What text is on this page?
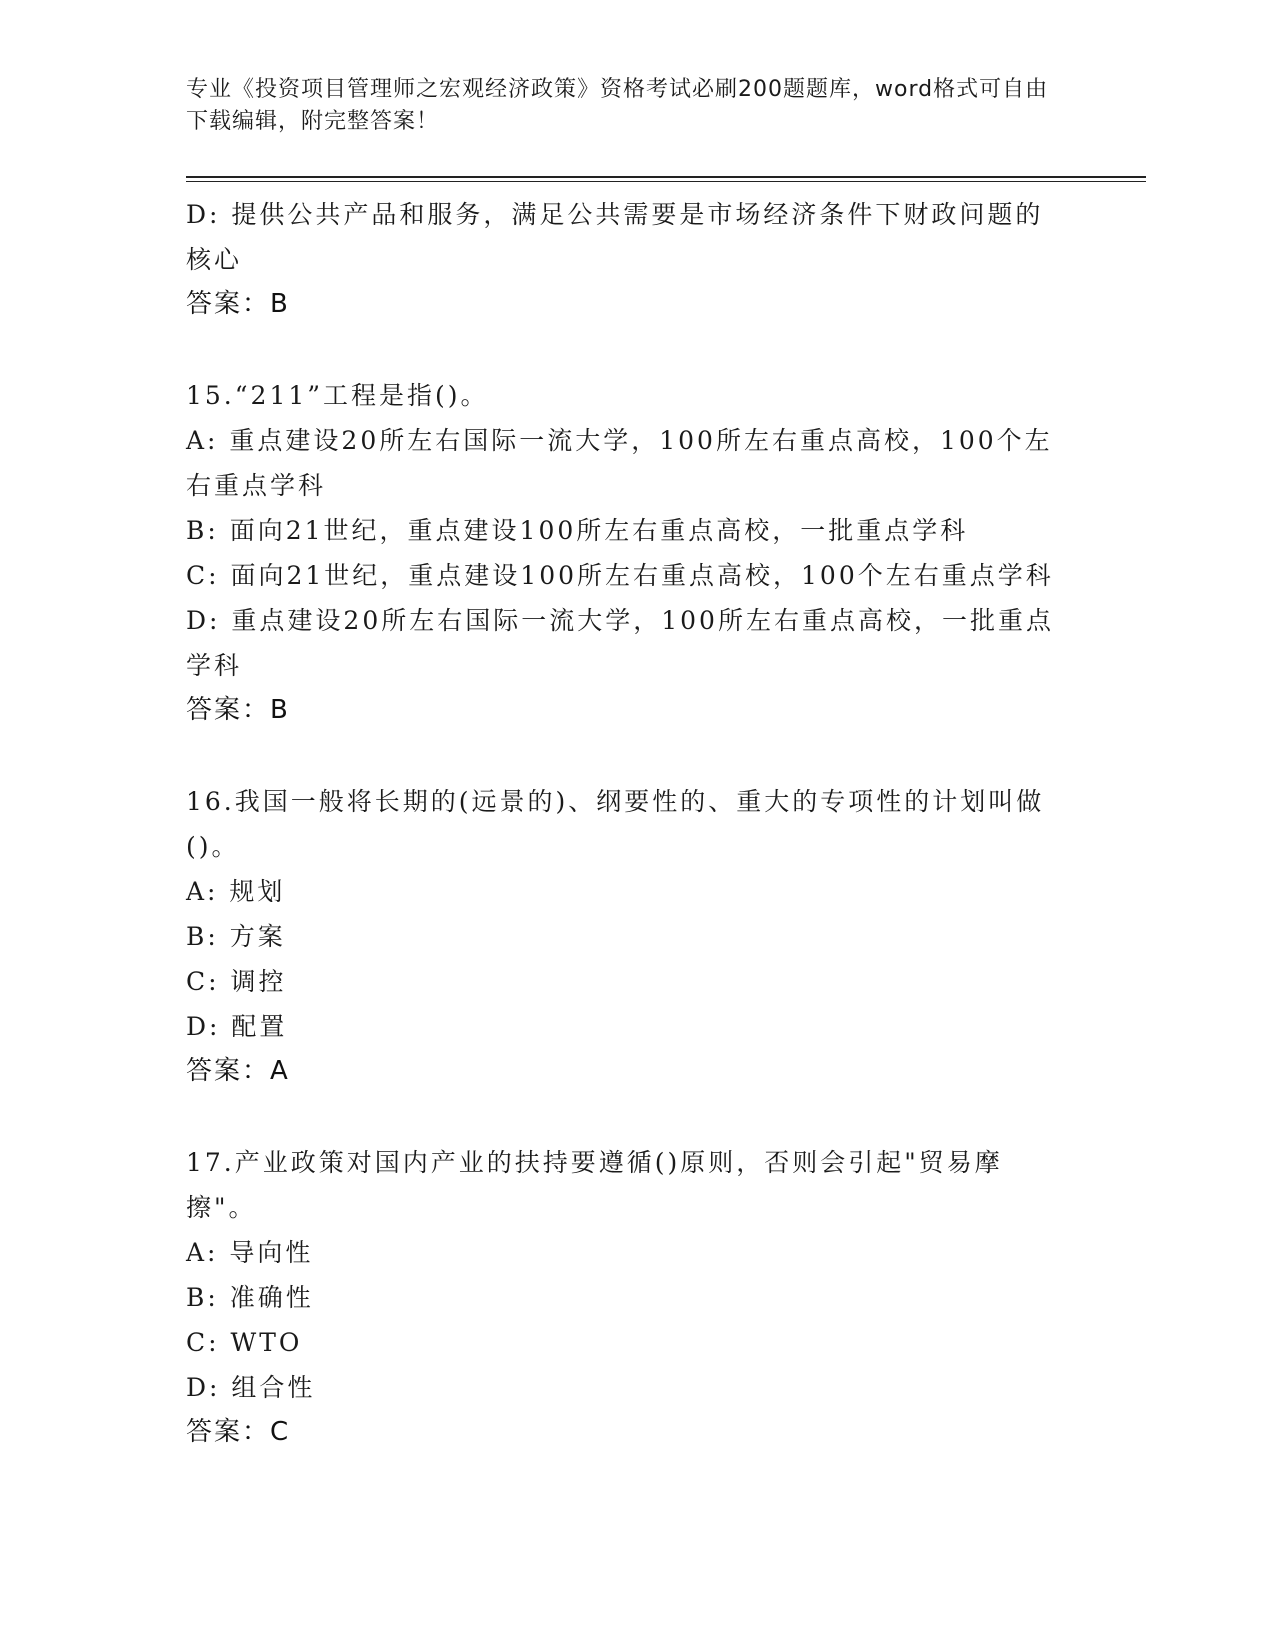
专业《投资项目管理师之宏观经济政策》资格考试必刷200题题库，word格式可自由下载编辑，附完整答案！

D: 提供公共产品和服务，满足公共需要是市场经济条件下财政问题的核心

答案：B

15.“211”工程是指()。

A: 重点建设20所左右国际一流大学，100所左右重点高校，100个左右重点学科

B: 面向21世纪，重点建设100所左右重点高校，一批重点学科

C: 面向21世纪，重点建设100所左右重点高校，100个左右重点学科

D: 重点建设20所左右国际一流大学，100所左右重点高校，一批重点学科

答案：B

16.我国一般将长期的(远景的)、纲要性的、重大的专项性的计划叫做()。

A: 规划

B: 方案

C: 调控

D: 配置

答案：A

17.产业政策对国内产业的扶持要遵循()原则，否则会引起"贸易摩擦"。

A: 导向性

B: 准确性

C: WTO

D: 组合性

答案：C
